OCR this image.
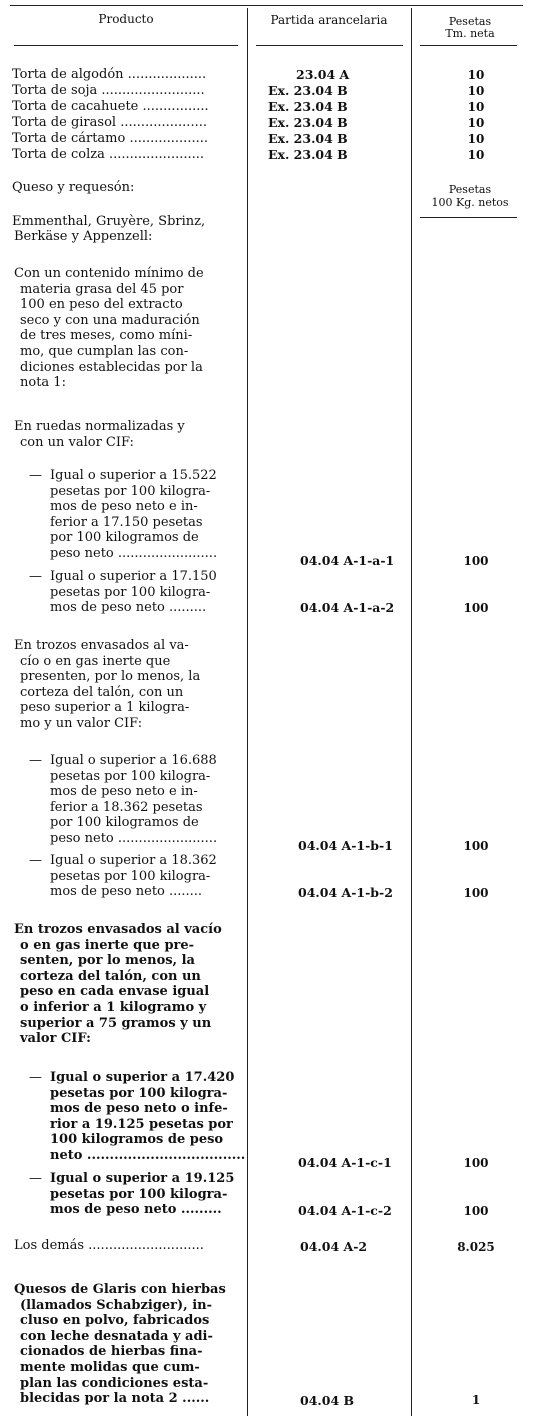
Producto	Partida arancelaria	Pesetas
Tm. neta
Torta de algodón ...................	23.04 A	10
Torta de soja .........................	Ex. 23.04 B	10
Torta de cacahuete ................	Ex. 23.04 B	10
Torta de girasol .....................	Ex. 23.04 B	10
Torta de cártamo ...................	Ex. 23.04 B	10
Torta de colza .......................	Ex. 23.04 B	10
Queso y requesón:	Pesetas
100 Kg. netos
Emmenthal, Gruyère, Sbrinz,
Berkäse y Appenzell:
Con un contenido mínimo de
materia grasa del 45 por
100 en peso del extracto
seco y con una maduración
de tres meses, como míni-
mo, que cumplan las con-
diciones establecidas por la
nota 1:
En ruedas normalizadas y
con un valor CIF:
— Igual o superior a 15.522
pesetas por 100 kilogra-
mos de peso neto e in-
ferior a 17.150 pesetas
por 100 kilogramos de
peso neto ........................	04.04 A-1-a-1	100
— Igual o superior a 17.150
pesetas por 100 kilogra-
mos de peso neto .........	04.04 A-1-a-2	100
En trozos envasados al va-
cío o en gas inerte que
presenten, por lo menos, la
corteza del talón, con un
peso superior a 1 kilogra-
mo y un valor CIF:
— Igual o superior a 16.688
pesetas por 100 kilogra-
mos de peso neto e in-
ferior a 18.362 pesetas
por 100 kilogramos de
peso neto ........................	04.04 A-1-b-1	100
— Igual o superior a 18.362
pesetas por 100 kilogra-
mos de peso neto ........	04.04 A-1-b-2	100
En trozos envasados al vacío
o en gas inerte que pre-
senten, por lo menos, la
corteza del talón, con un
peso en cada envase igual
o inferior a 1 kilogramo y
superior a 75 gramos y un
valor CIF:
— Igual o superior a 17.420
pesetas por 100 kilogra-
mos de peso neto o infe-
rior a 19.125 pesetas por
100 kilogramos de peso
neto ...................................	04.04 A-1-c-1	100
— Igual o superior a 19.125
pesetas por 100 kilogra-
mos de peso neto .........	04.04 A-1-c-2	100
Los demás ............................	04.04 A-2	8.025
Quesos de Glaris con hierbas
(llamados Schabziger), in-
cluso en polvo, fabricados
con leche desnatada y adi-
cionados de hierbas fina-
mente molidas que cum-
plan las condiciones esta-
blecidas por la nota 2 ......	04.04 B	1
